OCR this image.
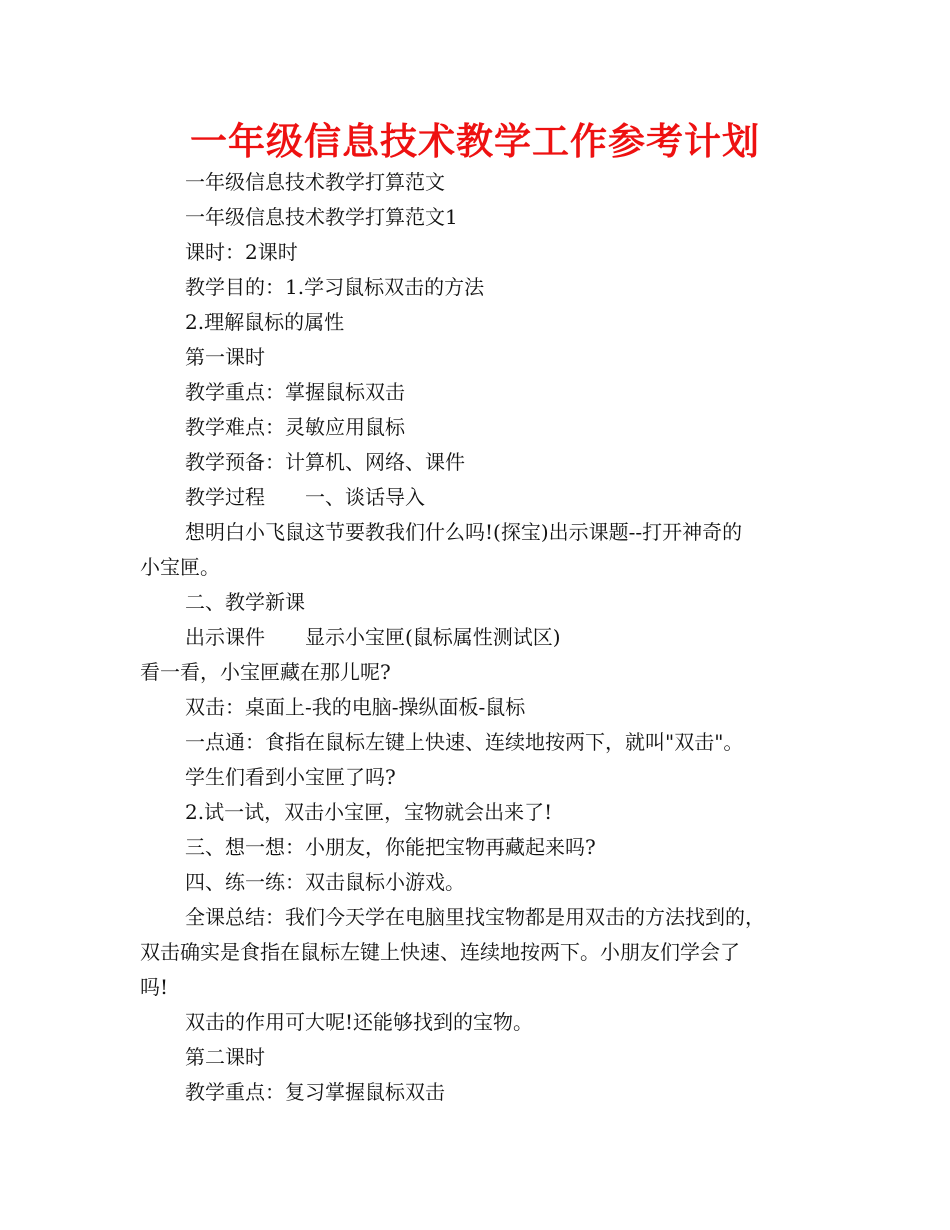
一年级信息技术教学工作参考计划
一年级信息技术教学打算范文
一年级信息技术教学打算范文1
课时：2课时
教学目的：1.学习鼠标双击的方法
2.理解鼠标的属性
第一课时
教学重点：掌握鼠标双击
教学难点：灵敏应用鼠标
教学预备：计算机、网络、课件
教学过程　　一、谈话导入
想明白小飞鼠这节要教我们什么吗!(探宝)出示课题--打开神奇的
小宝匣。
二、教学新课
出示课件　　显示小宝匣(鼠标属性测试区)
看一看，小宝匣藏在那儿呢?
双击：桌面上-我的电脑-操纵面板-鼠标
一点通：食指在鼠标左键上快速、连续地按两下，就叫"双击"。
学生们看到小宝匣了吗?
2.试一试，双击小宝匣，宝物就会出来了!
三、想一想：小朋友，你能把宝物再藏起来吗?
四、练一练：双击鼠标小游戏。
全课总结：我们今天学在电脑里找宝物都是用双击的方法找到的，
双击确实是食指在鼠标左键上快速、连续地按两下。小朋友们学会了
吗!
双击的作用可大呢!还能够找到的宝物。
第二课时
教学重点：复习掌握鼠标双击
